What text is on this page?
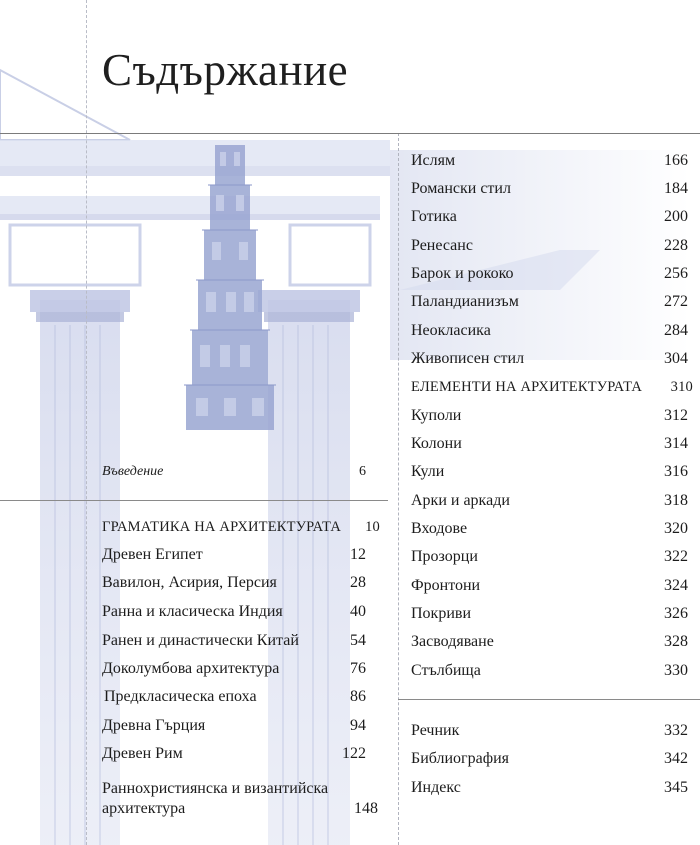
Съдържание
Въведение	6
ГРАМАТИКА НА АРХИТЕКТУРАТА 10
Древен Египет	12
Вавилон, Асирия, Персия	28
Ранна и класическа Индия	40
Ранен и династически Китай	54
Доколумбова архитектура	76
Предкласическа епоха	86
Древна Гърция	94
Древен Рим	122
Раннохристиянска и византийска
архитектура	148
Ислям	166
Романски стил	184
Готика	200
Ренесанс	228
Барок и рококо	256
Паландианизъм	272
Неокласика	284
Живописен стил	304
ЕЛЕМЕНТИ НА АРХИТЕКТУРАТА 310
Куполи	312
Колони	314
Кули	316
Арки и аркади	318
Входове	320
Прозорци	322
Фронтони	324
Покриви	326
Засводяване	328
Стълбища	330
Речник	332
Библиография	342
Индекс	345
